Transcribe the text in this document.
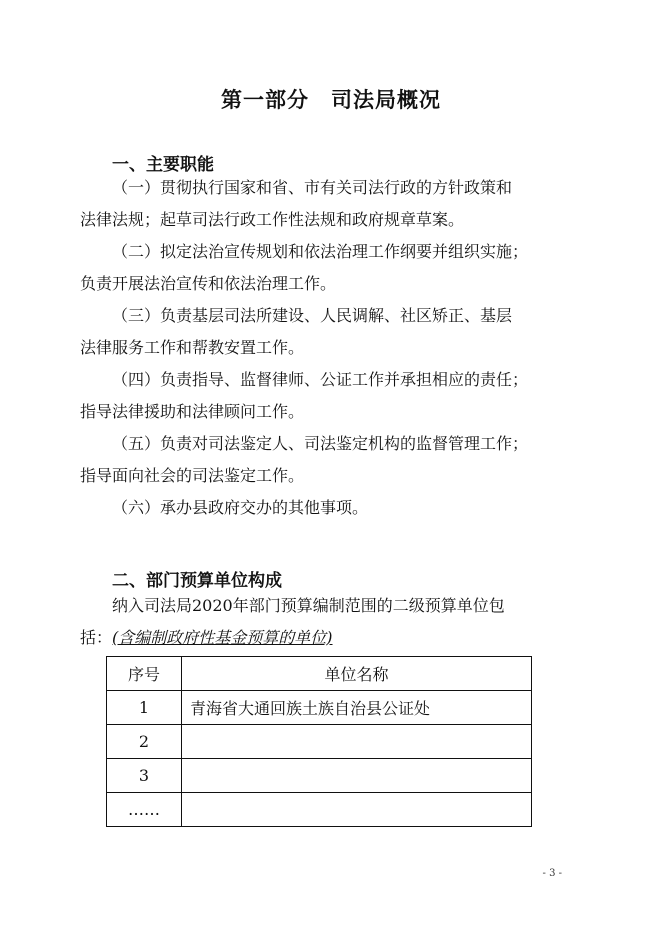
第一部分　司法局概况
一、主要职能

（一）贯彻执行国家和省、市有关司法行政的方针政策和
法律法规；起草司法行政工作性法规和政府规章草案。

（二）拟定法治宣传规划和依法治理工作纲要并组织实施；
负责开展法治宣传和依法治理工作。

（三）负责基层司法所建设、人民调解、社区矫正、基层
法律服务工作和帮教安置工作。

（四）负责指导、监督律师、公证工作并承担相应的责任；
指导法律援助和法律顾问工作。

（五）负责对司法鉴定人、司法鉴定机构的监督管理工作；
指导面向社会的司法鉴定工作。

（六）承办县政府交办的其他事项。

二、部门预算单位构成

纳入司法局2020年部门预算编制范围的二级预算单位包
括：(含编制政府性基金预算的单位)

序号	单位名称
1	青海省大通回族土族自治县公证处
2	
3	
……	
- 3 -
